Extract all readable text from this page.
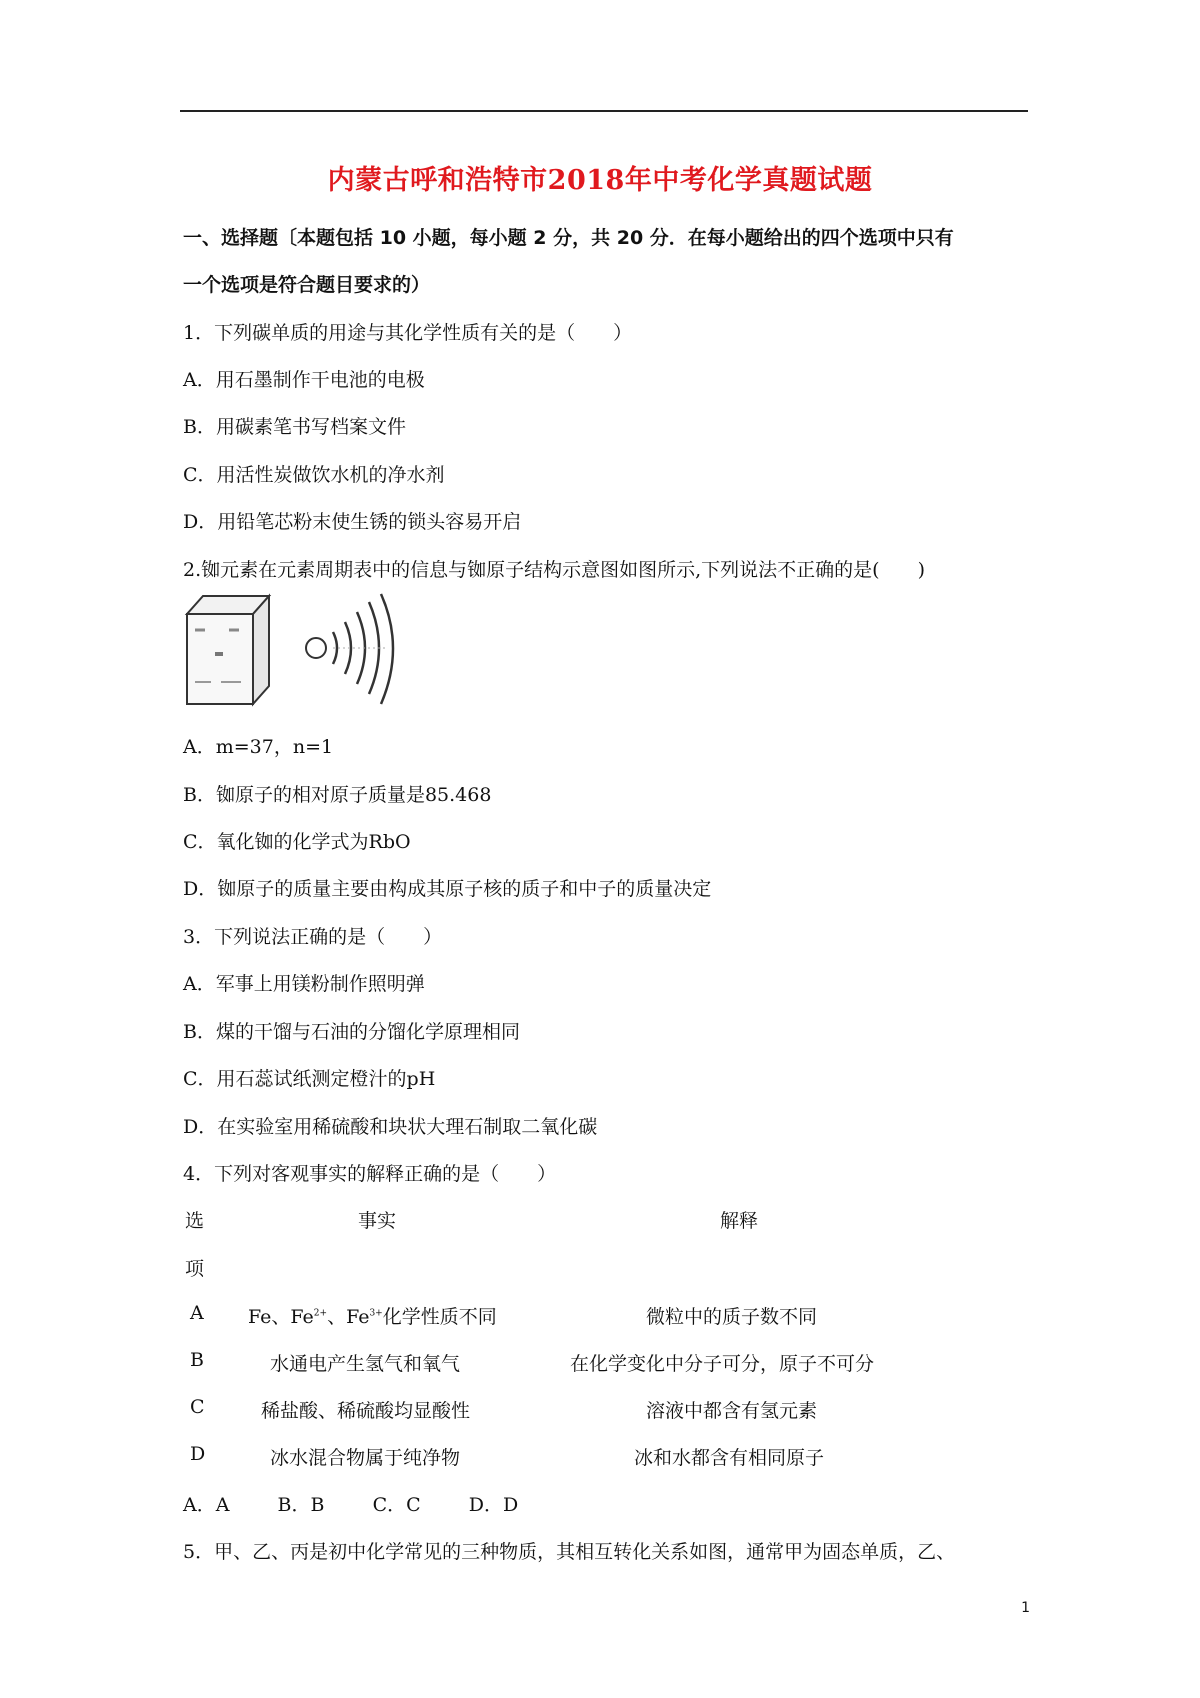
内蒙古呼和浩特市2018年中考化学真题试题
一、选择题〔本题包括 10 小题，每小题 2 分，共 20 分．在每小题给出的四个选项中只有
一个选项是符合题目要求的）
1．下列碳单质的用途与其化学性质有关的是（　　）
A．用石墨制作干电池的电极
B．用碳素笔书写档案文件
C．用活性炭做饮水机的净水剂
D．用铅笔芯粉末使生锈的锁头容易开启
2.铷元素在元素周期表中的信息与铷原子结构示意图如图所示,下列说法不正确的是(　　)
A．m=37，n=1
B．铷原子的相对原子质量是85.468
C．氧化铷的化学式为RbO
D．铷原子的质量主要由构成其原子核的质子和中子的质量决定
3．下列说法正确的是（　　）
A．军事上用镁粉制作照明弹
B．煤的干馏与石油的分馏化学原理相同
C．用石蕊试纸测定橙汁的pH
D．在实验室用稀硫酸和块状大理石制取二氧化碳
4．下列对客观事实的解释正确的是（　　）
选
项
事实	解释
A Fe、$Fe^{2+}$、$Fe^{3+}$化学性质不同	微粒中的质子数不同
B	水通电产生氢气和氧气	在化学变化中分子可分，原子不可分
C	稀盐酸、稀硫酸均显酸性	溶液中都含有氢元素
D	冰水混合物属于纯净物	冰和水都含有相同原子
A．A	B．B	C．C	D．D
5．甲、乙、丙是初中化学常见的三种物质，其相互转化关系如图，通常甲为固态单质，乙、
1
